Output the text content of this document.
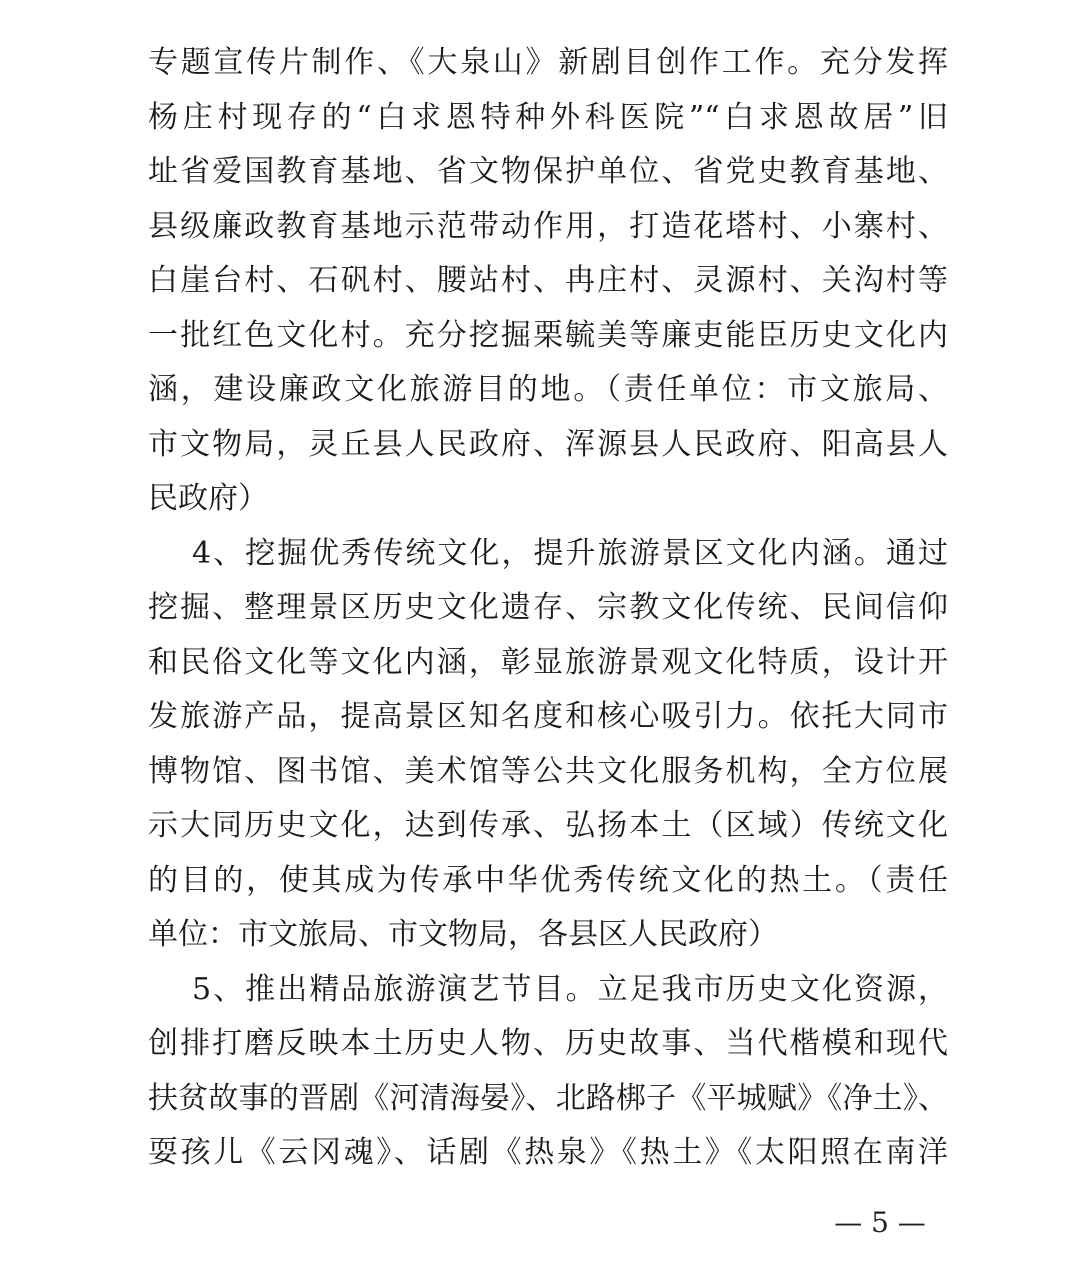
专题宣传片制作、《大泉山》新剧目创作工作。充分发挥
杨庄村现存的“白求恩特种外科医院”“白求恩故居”旧
址省爱国教育基地、省文物保护单位、省党史教育基地、
县级廉政教育基地示范带动作用，打造花塔村、小寨村、
白崖台村、石矾村、腰站村、冉庄村、灵源村、关沟村等
一批红色文化村。充分挖掘栗毓美等廉吏能臣历史文化内
涵，建设廉政文化旅游目的地。（责任单位：市文旅局、
市文物局，灵丘县人民政府、浑源县人民政府、阳高县人
民政府）
4、挖掘优秀传统文化，提升旅游景区文化内涵。通过
挖掘、整理景区历史文化遗存、宗教文化传统、民间信仰
和民俗文化等文化内涵，彰显旅游景观文化特质，设计开
发旅游产品，提高景区知名度和核心吸引力。依托大同市
博物馆、图书馆、美术馆等公共文化服务机构，全方位展
示大同历史文化，达到传承、弘扬本土（区域）传统文化
的目的，使其成为传承中华优秀传统文化的热土。（责任
单位：市文旅局、市文物局，各县区人民政府）
5、推出精品旅游演艺节目。立足我市历史文化资源，
创排打磨反映本土历史人物、历史故事、当代楷模和现代
扶贫故事的晋剧《河清海晏》、北路梆子《平城赋》《净土》、
耍孩儿《云冈魂》、话剧《热泉》《热土》《太阳照在南洋
— 5 —
